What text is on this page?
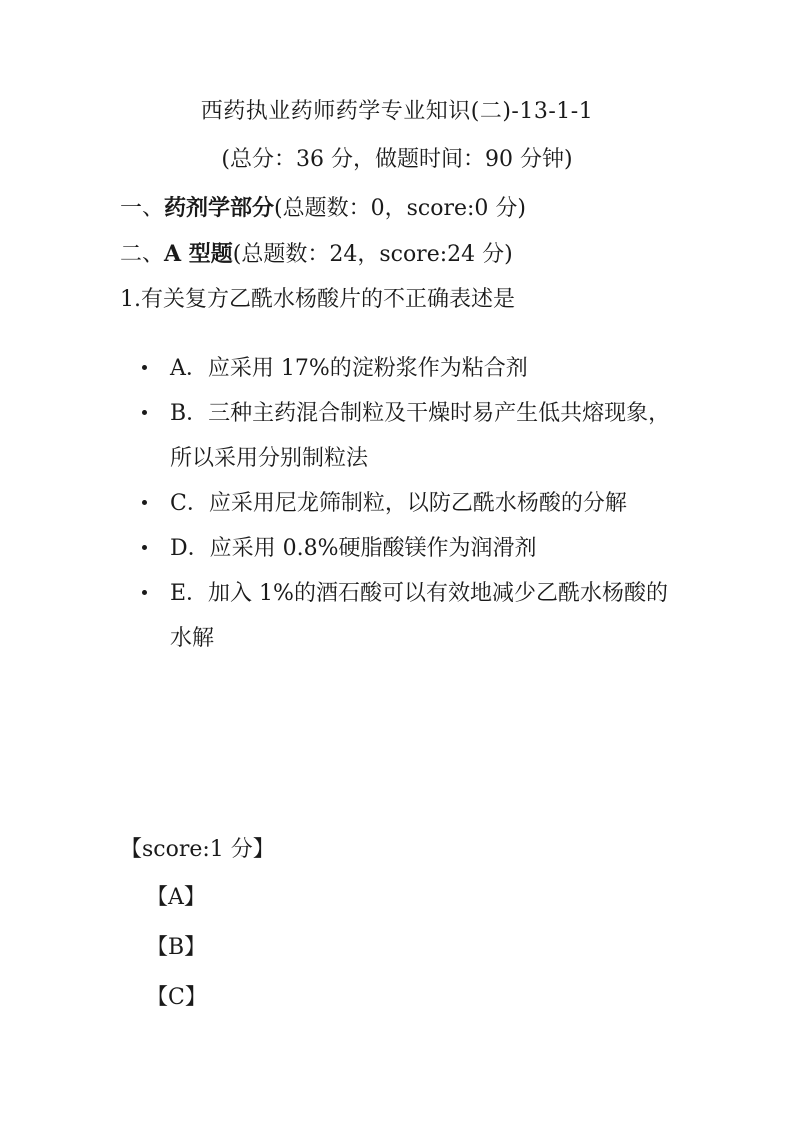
西药执业药师药学专业知识(二)-13-1-1
(总分：36 分，做题时间：90 分钟)
一、药剂学部分(总题数：0，score:0 分)
二、A 型题(总题数：24，score:24 分)
1.有关复方乙酰水杨酸片的不正确表述是
A．应采用 17%的淀粉浆作为粘合剂
B．三种主药混合制粒及干燥时易产生低共熔现象，所以采用分别制粒法
C．应采用尼龙筛制粒，以防乙酰水杨酸的分解
D．应采用 0.8%硬脂酸镁作为润滑剂
E．加入 1%的酒石酸可以有效地减少乙酰水杨酸的水解
【score:1 分】
【A】
【B】
【C】
